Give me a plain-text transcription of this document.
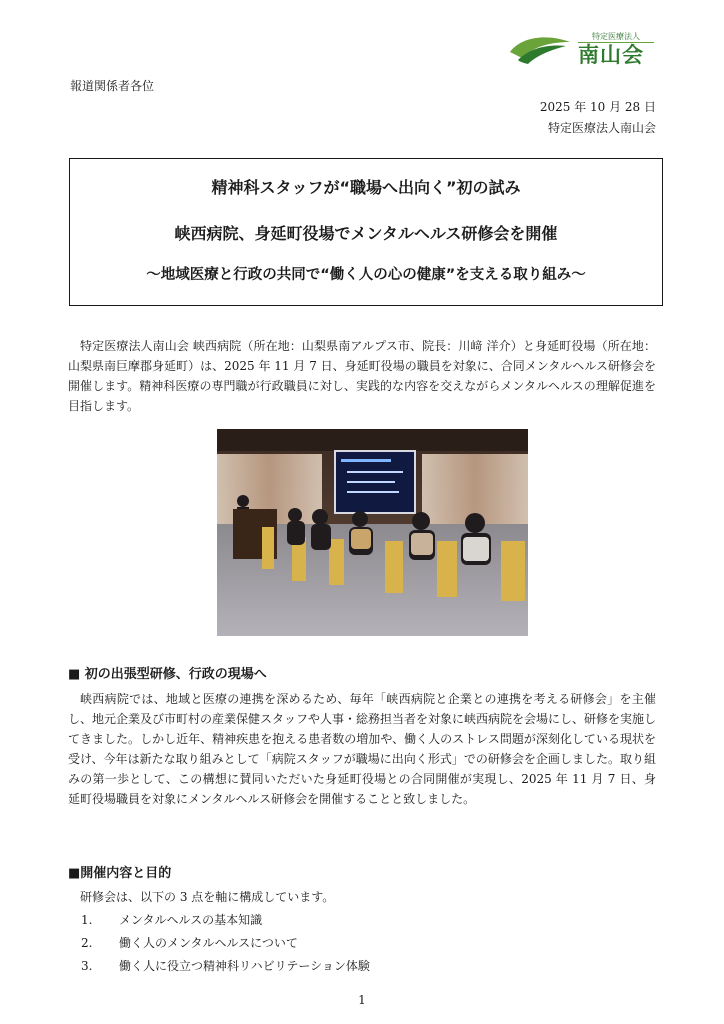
特定医療法人
南山会
報道関係者各位
2025 年 10 月 28 日
特定医療法人南山会
精神科スタッフが“職場へ出向く”初の試み
峡西病院、身延町役場でメンタルヘルス研修会を開催
～地域医療と行政の共同で“働く人の心の健康”を支える取り組み～

特定医療法人南山会 峡西病院（所在地：山梨県南アルプス市、院長：川﨑 洋介）と身延町役場（所在地：山梨県南巨摩郡身延町）は、2025 年 11 月 7 日、身延町役場の職員を対象に、合同メンタルヘルス研修会を開催します。精神科医療の専門職が行政職員に対し、実践的な内容を交えながらメンタルヘルスの理解促進を目指します。

■ 初の出張型研修、行政の現場へ

峡西病院では、地域と医療の連携を深めるため、毎年「峡西病院と企業との連携を考える研修会」を主催し、地元企業及び市町村の産業保健スタッフや人事・総務担当者を対象に峡西病院を会場にし、研修を実施してきました。しかし近年、精神疾患を抱える患者数の増加や、働く人のストレス問題が深刻化している現状を受け、今年は新たな取り組みとして「病院スタッフが職場に出向く形式」での研修会を企画しました。取り組みの第一歩として、この構想に賛同いただいた身延町役場との合同開催が実現し、2025 年 11 月 7 日、身延町役場職員を対象にメンタルヘルス研修会を開催することと致しました。

■開催内容と目的
研修会は、以下の 3 点を軸に構成しています。
1. メンタルヘルスの基本知識
2. 働く人のメンタルヘルスについて
3. 働く人に役立つ精神科リハビリテーション体験
1
